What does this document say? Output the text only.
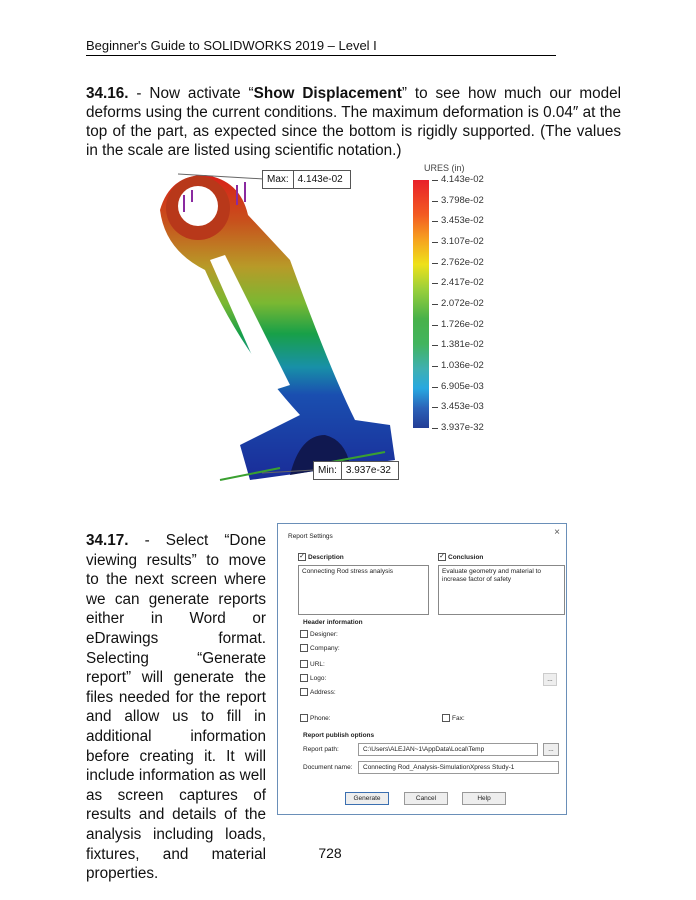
Beginner's Guide to SOLIDWORKS 2019 – Level I

34.16. - Now activate “Show Displacement” to see how much our model deforms using the current conditions. The maximum deformation is 0.04″ at the top of the part, as expected since the bottom is rigidly supported. (The values in the scale are listed using scientific notation.)

Max: 4.143e-02
Min: 3.937e-32
URES (in)
4.143e-02
3.798e-02
3.453e-02
3.107e-02
2.762e-02
2.417e-02
2.072e-02
1.726e-02
1.381e-02
1.036e-02
6.905e-03
3.453e-03
3.937e-32

34.17. - Select “Done viewing results” to move to the next screen where we can generate reports either in Word or eDrawings format. Selecting “Generate report” will generate the files needed for the report and allow us to fill in additional information before creating it. It will include information as well as screen captures of results and details of the analysis including loads, fixtures, and material properties.

Report Settings	×
✓ Description
Connecting Rod stress analysis
✓ Conclusion
Evaluate geometry and material to increase factor of safety
Header information
Designer:
Company:
URL:
Logo:	...
Address:
Phone:	Fax:
Report publish options
Report path:	C:\Users\ALEJAN~1\AppData\Local\Temp	...
Document name:	Connecting Rod_Analysis-SimulationXpress Study-1
Generate	Cancel	Help
728
